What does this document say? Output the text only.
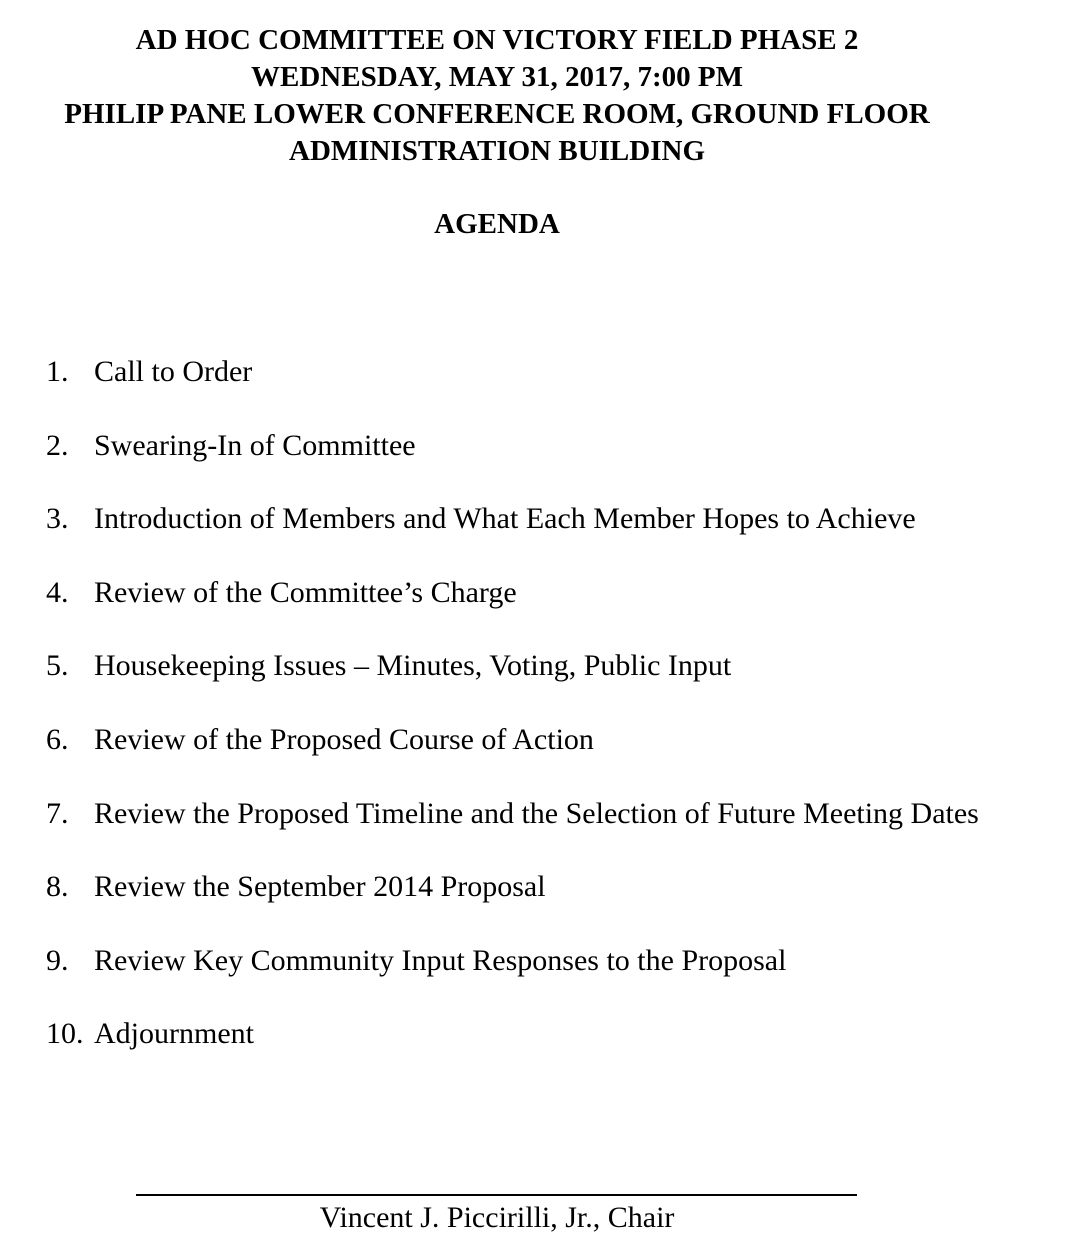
AD HOC COMMITTEE ON VICTORY FIELD PHASE 2
WEDNESDAY, MAY 31, 2017, 7:00 PM
PHILIP PANE LOWER CONFERENCE ROOM, GROUND FLOOR
ADMINISTRATION BUILDING
AGENDA
1. Call to Order
2. Swearing-In of Committee
3. Introduction of Members and What Each Member Hopes to Achieve
4. Review of the Committee’s Charge
5. Housekeeping Issues – Minutes, Voting, Public Input
6. Review of the Proposed Course of Action
7. Review the Proposed Timeline and the Selection of Future Meeting Dates
8. Review the September 2014 Proposal
9. Review Key Community Input Responses to the Proposal
10. Adjournment
Vincent J. Piccirilli, Jr., Chair
